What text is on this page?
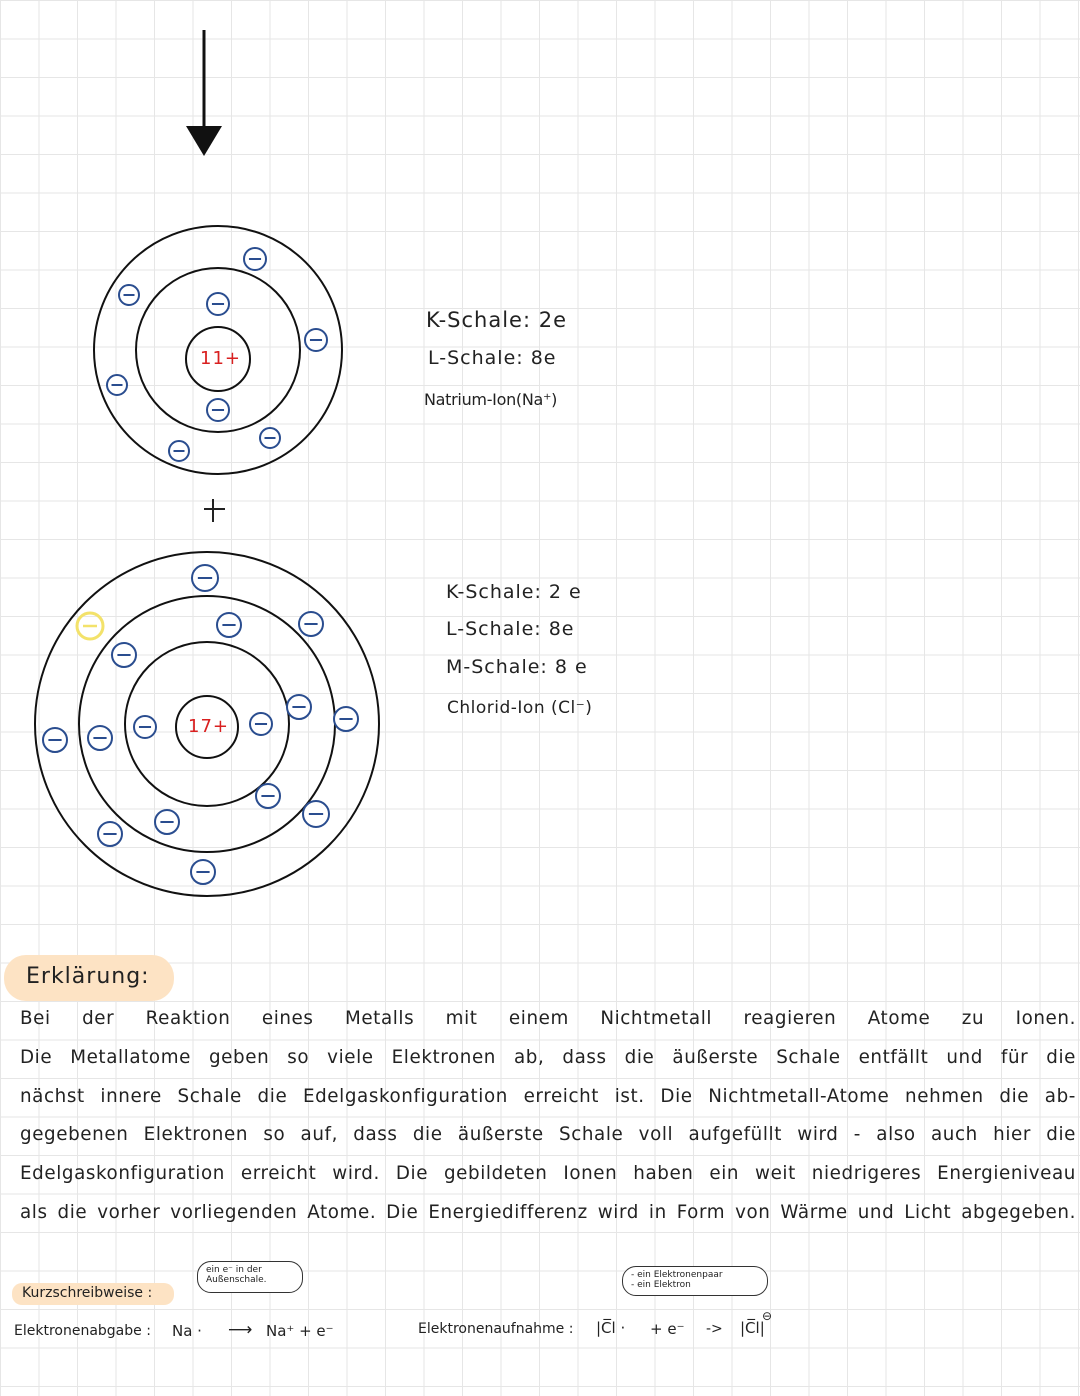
11+
17+
K-Schale: 2e
L-Schale: 8e
Natrium-Ion(Na⁺)
K-Schale: 2 e
L-Schale: 8e
M-Schale: 8 e
Chlorid-Ion (Cl⁻)
Erklärung:
Bei der Reaktion eines Metalls mit einem Nichtmetall reagieren Atome zu Ionen.
Die Metallatome geben so viele Elektronen ab, dass die äußerste Schale entfällt und für die
nächst innere Schale die Edelgaskonfiguration erreicht ist. Die Nichtmetall-Atome nehmen die ab-
gegebenen Elektronen so auf, dass die äußerste Schale voll aufgefüllt wird - also auch hier die
Edelgaskonfiguration erreicht wird. Die gebildeten Ionen haben ein weit niedrigeres Energieniveau
als die vorher vorliegenden Atome. Die Energiedifferenz wird in Form von Wärme und Licht abgegeben.
Kurzschreibweise :
ein e⁻ in der Außenschale.
Elektronenabgabe : Na · ⟶ Na⁺ + e⁻
- ein Elektronenpaar
- ein Elektron
Elektronenaufnahme : |C̅l · + e⁻ -> |C̅l|
⊖
